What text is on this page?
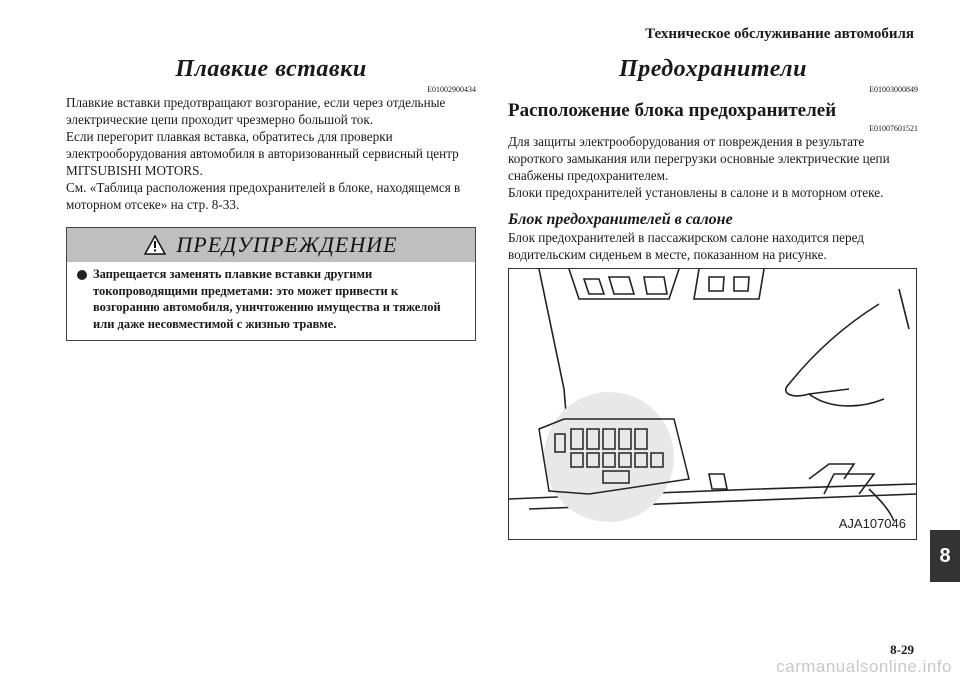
Техническое обслуживание автомобиля
Плавкие вставки
E01002900434

Плавкие вставки предотвращают возгорание, если через отдельные электрические цепи проходит чрезмерно большой ток.

Если перегорит плавкая вставка, обратитесь для проверки электрооборудования автомобиля в авторизованный сервисный центр MITSUBISHI MOTORS.

См. «Таблица расположения предохранителей в блоке, находящемся в моторном отсеке» на стр. 8-33.

ПРЕДУПРЕЖДЕНИЕ
Запрещается заменять плавкие вставки другими токопроводящими предметами: это может привести к возгоранию автомобиля, уничтожению имущества и тяжелой или даже несовместимой с жизнью травме.
Предохранители
E01003000849
Расположение блока предохранителей
E01007601521

Для защиты электрооборудования от повреждения в результате короткого замыкания или перегрузки основные электрические цепи снабжены предохранителем.

Блоки предохранителей установлены в салоне и в моторном отеке.

Блок предохранителей в салоне

Блок предохранителей в пассажирском салоне находится перед водительским сиденьем в месте, показанном на рисунке.

AJA107046
8
8-29
carmanualsonline.info
